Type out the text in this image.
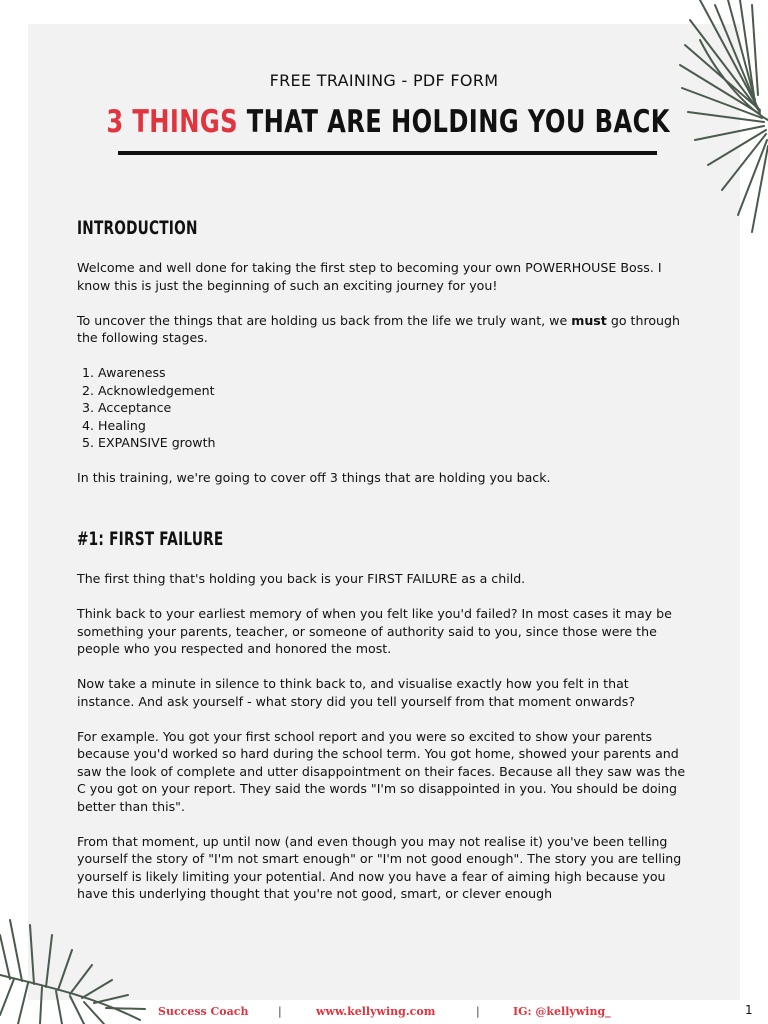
FREE TRAINING - PDF FORM
3 THINGS THAT ARE HOLDING YOU BACK
INTRODUCTION

Welcome and well done for taking the first step to becoming your own POWERHOUSE Boss. I know this is just the beginning of such an exciting journey for you!

To uncover the things that are holding us back from the life we truly want, we must go through the following stages.

1. Awareness
2. Acknowledgement
3. Acceptance
4. Healing
5. EXPANSIVE growth

In this training, we're going to cover off 3 things that are holding you back.

#1: FIRST FAILURE

The first thing that's holding you back is your FIRST FAILURE as a child.

Think back to your earliest memory of when you felt like you'd failed? In most cases it may be something your parents, teacher, or someone of authority said to you, since those were the people who you respected and honored the most.

Now take a minute in silence to think back to, and visualise exactly how you felt in that instance. And ask yourself - what story did you tell yourself from that moment onwards?

For example. You got your first school report and you were so excited to show your parents because you'd worked so hard during the school term. You got home, showed your parents and saw the look of complete and utter disappointment on their faces. Because all they saw was the C you got on your report. They said the words "I'm so disappointed in you. You should be doing better than this".

From that moment, up until now (and even though you may not realise it) you've been telling yourself the story of "I'm not smart enough" or "I'm not good enough". The story you are telling yourself is likely limiting your potential. And now you have a fear of aiming high because you have this underlying thought that you're not good, smart, or clever enough

Success Coach	|	www.kellywing.com	|	IG: @kellywing_	1
